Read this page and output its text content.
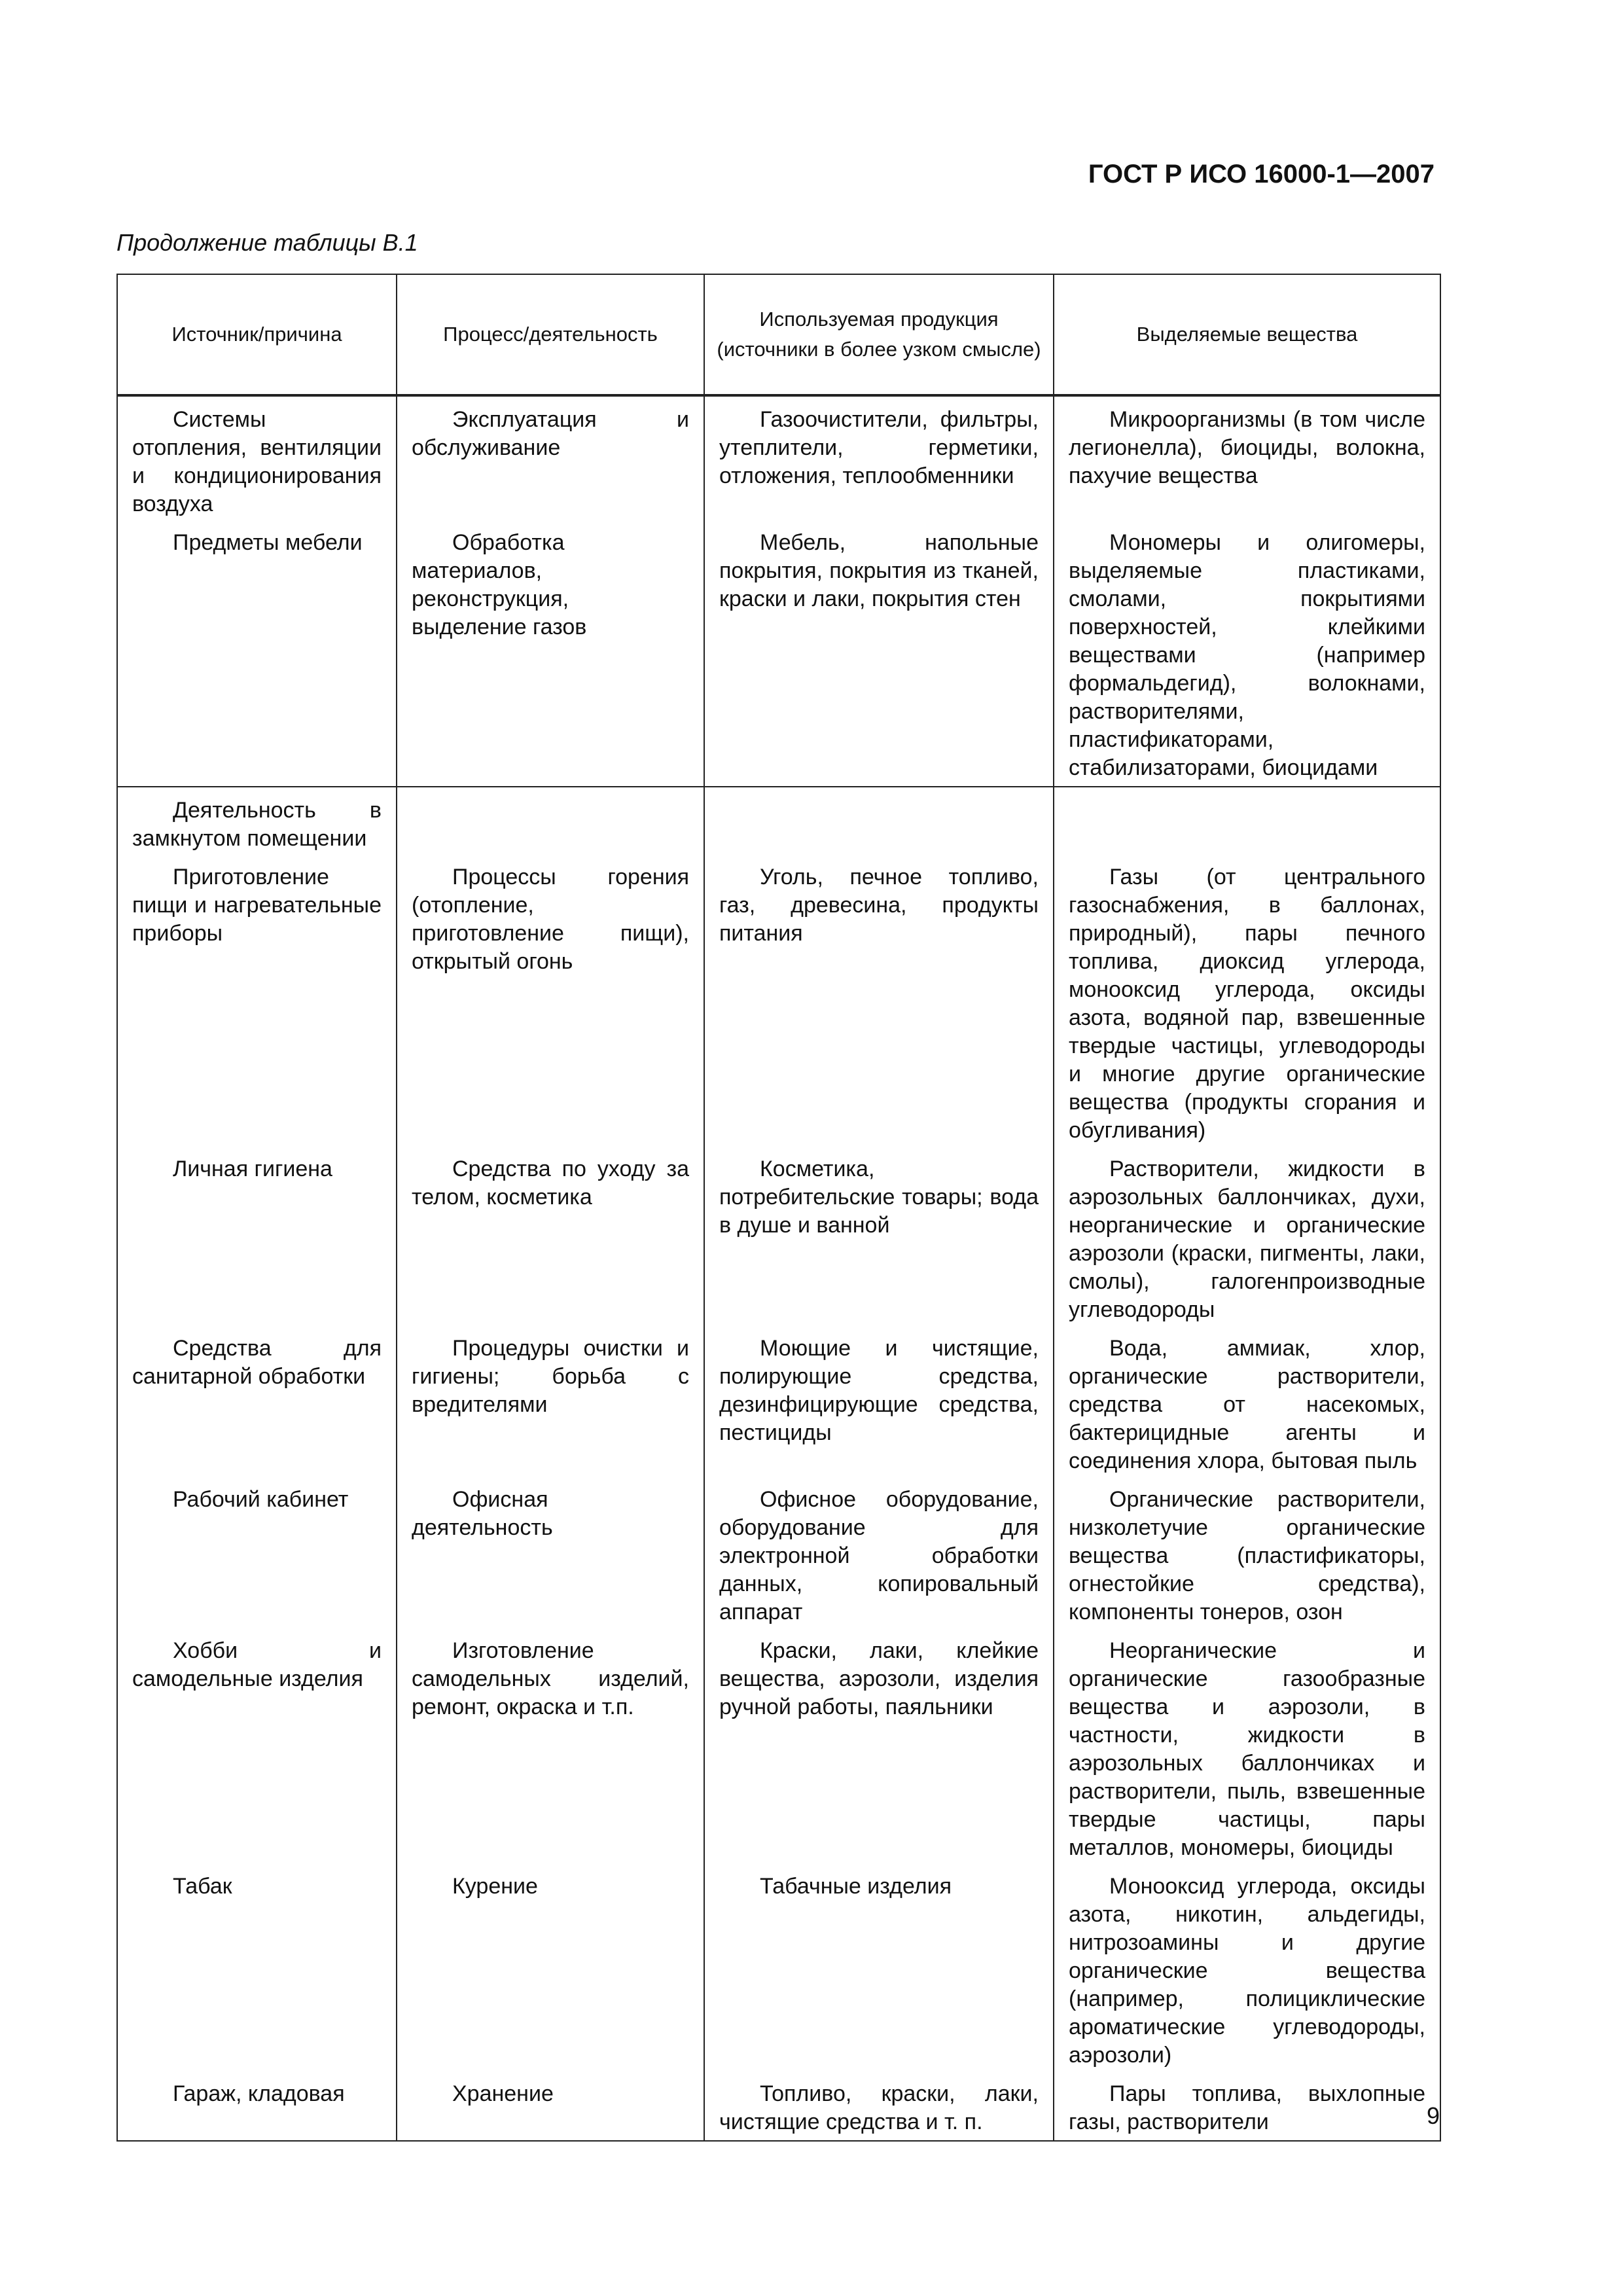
ГОСТ Р ИСО 16000-1—2007
Продолжение таблицы В.1
Источник/причина	Процесс/деятельность	Используемая продукция (источники в более узком смысле)	Выделяемые вещества

Системы отопления, вентиляции и кондиционирования воздуха	Эксплуатация и обслуживание	Газоочистители, фильтры, утеплители, герметики, отложения, теплообменники	Микроорганизмы (в том числе легионелла), биоциды, волокна, пахучие вещества

Предметы мебели	Обработка материалов, реконструкция, выделение газов	Мебель, напольные покрытия, покрытия из тканей, краски и лаки, покрытия стен	Мономеры и олигомеры, выделяемые пластиками, смолами, покрытиями поверхностей, клейкими веществами (например формальдегид), волокнами, растворителями, пластификаторами, стабилизаторами, биоцидами

Деятельность в замкнутом помещении			

Приготовление пищи и нагревательные приборы	Процессы горения (отопление, приготовление пищи), открытый огонь	Уголь, печное топливо, газ, древесина, продукты питания	Газы (от центрального газоснабжения, в баллонах, природный), пары печного топлива, диоксид углерода, монооксид углерода, оксиды азота, водяной пар, взвешенные твердые частицы, углеводороды и многие другие органические вещества (продукты сгорания и обугливания)

Личная гигиена	Средства по уходу за телом, косметика	Косметика, потребительские товары; вода в душе и ванной	Растворители, жидкости в аэрозольных баллончиках, духи, неорганические и органические аэрозоли (краски, пигменты, лаки, смолы), галогенпроизводные углеводороды

Средства для санитарной обработки	Процедуры очистки и гигиены; борьба с вредителями	Моющие и чистящие, полирующие средства, дезинфицирующие средства, пестициды	Вода, аммиак, хлор, органические растворители, средства от насекомых, бактерицидные агенты и соединения хлора, бытовая пыль

Рабочий кабинет	Офисная деятельность	Офисное оборудование, оборудование для электронной обработки данных, копировальный аппарат	Органические растворители, низколетучие органические вещества (пластификаторы, огнестойкие средства), компоненты тонеров, озон

Хобби и самодельные изделия	Изготовление самодельных изделий, ремонт, окраска и т.п.	Краски, лаки, клейкие вещества, аэрозоли, изделия ручной работы, паяльники	Неорганические и органические газообразные вещества и аэрозоли, в частности, жидкости в аэрозольных баллончиках и растворители, пыль, взвешенные твердые частицы, пары металлов, мономеры, биоциды

Табак	Курение	Табачные изделия	Монооксид углерода, оксиды азота, никотин, альдегиды, нитрозоамины и другие органические вещества (например, полициклические ароматические углеводороды, аэрозоли)

Гараж, кладовая	Хранение	Топливо, краски, лаки, чистящие средства и т. п.	Пары топлива, выхлопные газы, растворители	9
